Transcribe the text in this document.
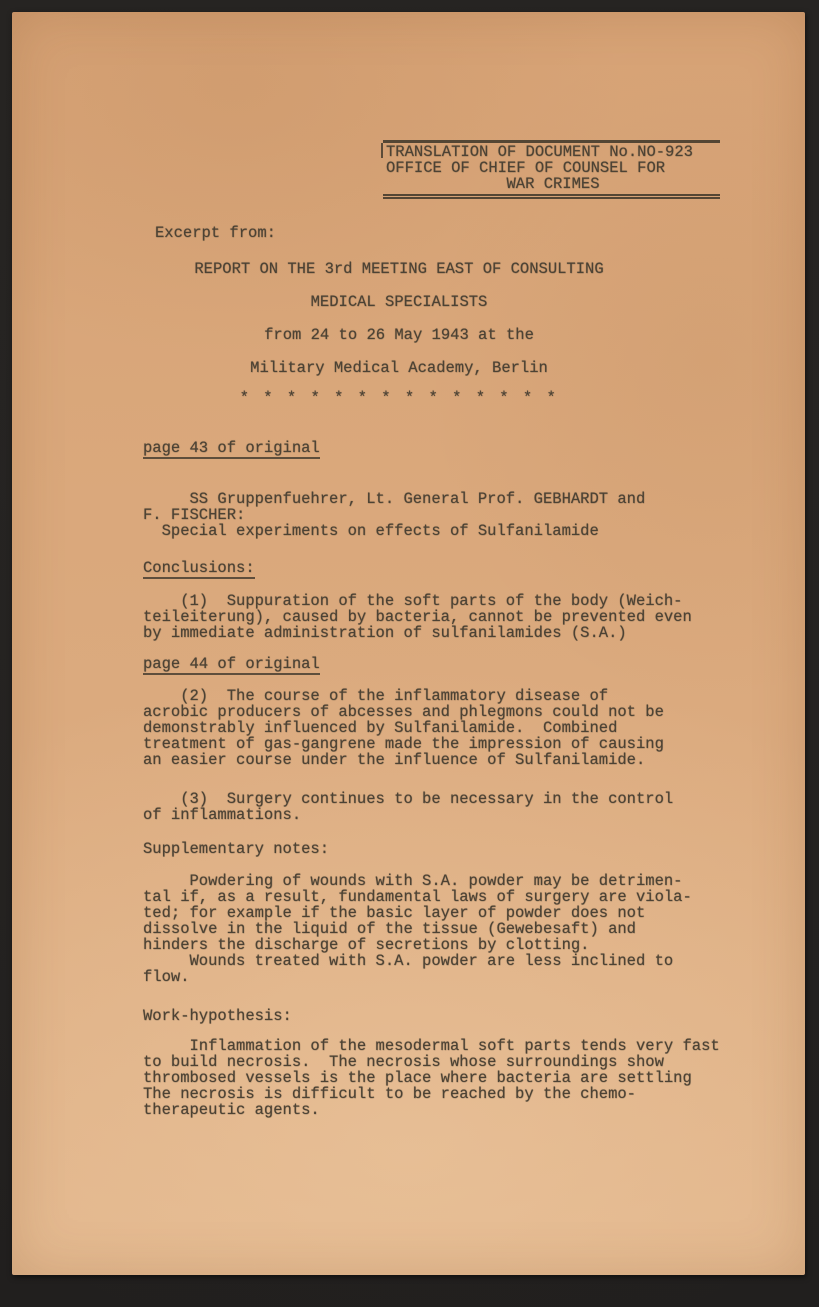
TRANSLATION OF DOCUMENT No.NO-923
OFFICE OF CHIEF OF COUNSEL FOR
WAR CRIMES
Excerpt from:
REPORT ON THE 3rd MEETING EAST OF CONSULTING
MEDICAL SPECIALISTS
from 24 to 26 May 1943 at the
Military Medical Academy, Berlin
* * * * * * * * * * * * * *
page 43 of original
SS Gruppenfuehrer, Lt. General Prof. GEBHARDT and
F. FISCHER:
Special experiments on effects of Sulfanilamide
Conclusions:
(1)  Suppuration of the soft parts of the body (Weich-
teileiterung), caused by bacteria, cannot be prevented even
by immediate administration of sulfanilamides (S.A.)
page 44 of original
(2)  The course of the inflammatory disease of
acrobic producers of abcesses and phlegmons could not be
demonstrably influenced by Sulfanilamide.  Combined
treatment of gas-gangrene made the impression of causing
an easier course under the influence of Sulfanilamide.
(3)  Surgery continues to be necessary in the control
of inflammations.
Supplementary notes:
Powdering of wounds with S.A. powder may be detrimen-
tal if, as a result, fundamental laws of surgery are viola-
ted; for example if the basic layer of powder does not
dissolve in the liquid of the tissue (Gewebesaft) and
hinders the discharge of secretions by clotting.
Wounds treated with S.A. powder are less inclined to
flow.
Work-hypothesis:
Inflammation of the mesodermal soft parts tends very fast
to build necrosis.  The necrosis whose surroundings show
thrombosed vessels is the place where bacteria are settling
The necrosis is difficult to be reached by the chemo-
therapeutic agents.
